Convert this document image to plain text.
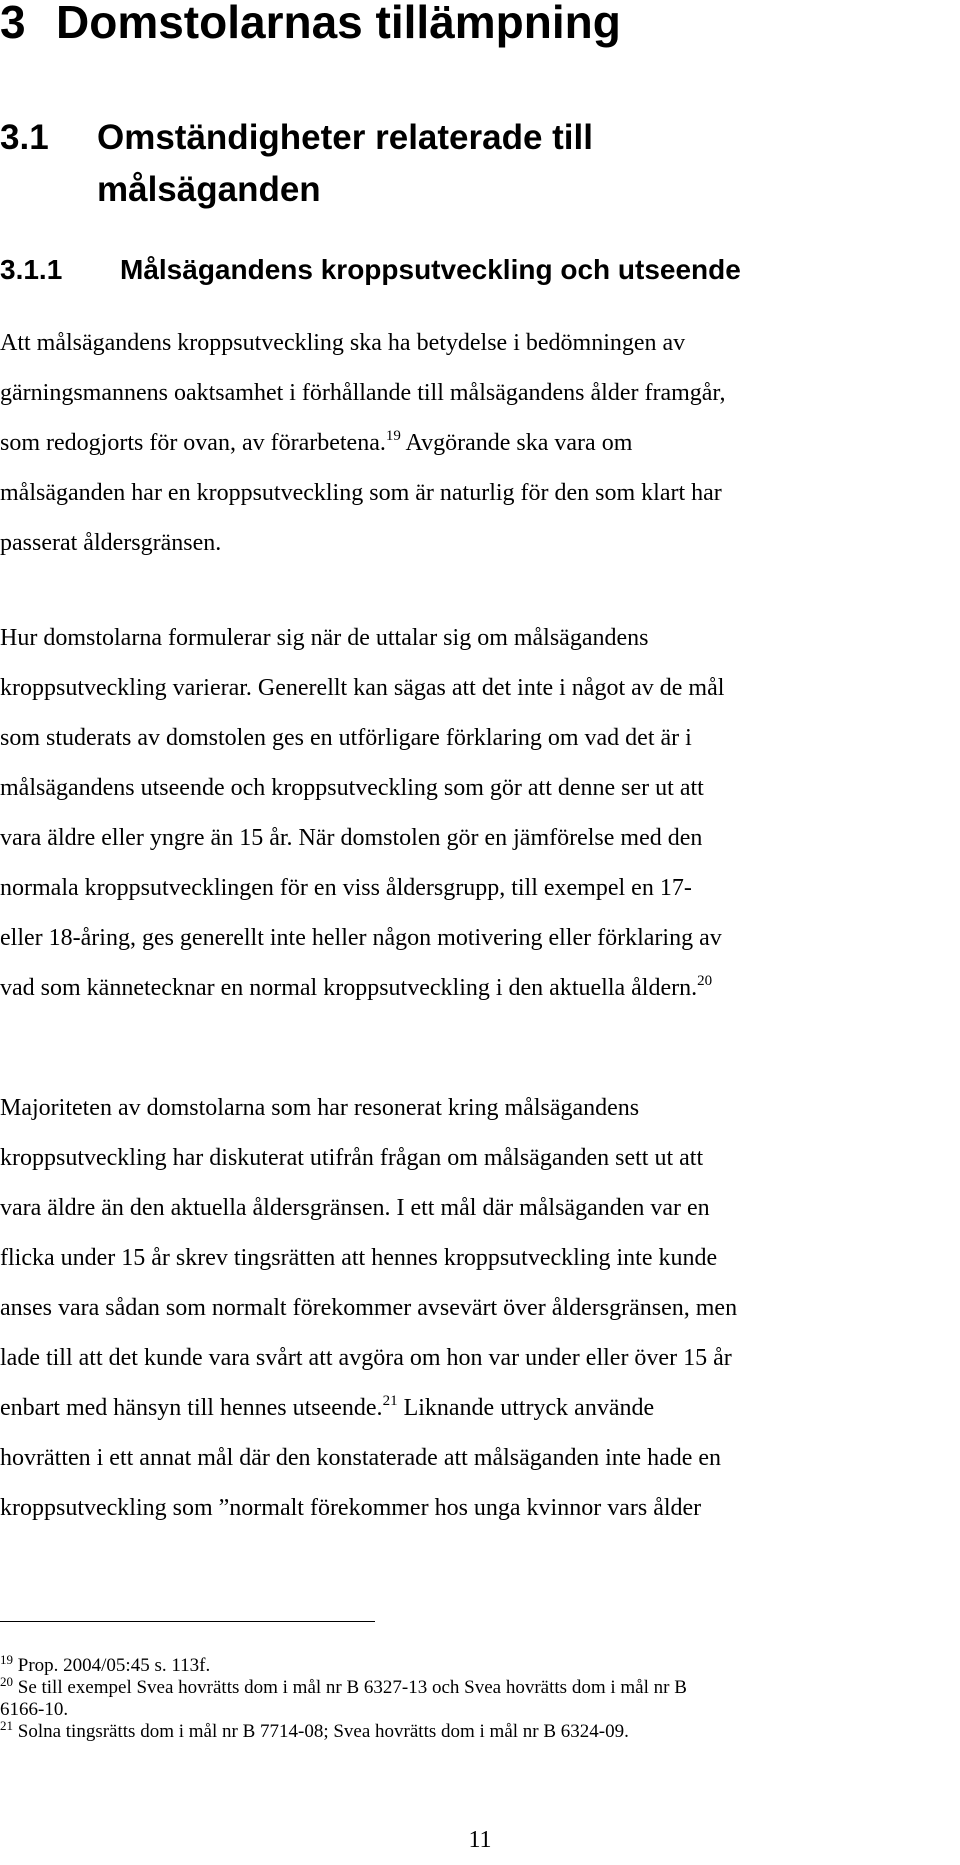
3 Domstolarnas tillämpning
3.1 Omständigheter relaterade till målsäganden
3.1.1 Målsägandens kroppsutveckling och utseende
Att målsägandens kroppsutveckling ska ha betydelse i bedömningen av
gärningsmannens oaktsamhet i förhållande till målsägandens ålder framgår,
som redogjorts för ovan, av förarbetena.$^{19}$ Avgörande ska vara om
målsäganden har en kroppsutveckling som är naturlig för den som klart har
passerat åldersgränsen.
Hur domstolarna formulerar sig när de uttalar sig om målsägandens
kroppsutveckling varierar. Generellt kan sägas att det inte i något av de mål
som studerats av domstolen ges en utförligare förklaring om vad det är i
målsägandens utseende och kroppsutveckling som gör att denne ser ut att
vara äldre eller yngre än 15 år. När domstolen gör en jämförelse med den
normala kroppsutvecklingen för en viss åldersgrupp, till exempel en 17-
eller 18-åring, ges generellt inte heller någon motivering eller förklaring av
vad som kännetecknar en normal kroppsutveckling i den aktuella åldern.$^{20}$
Majoriteten av domstolarna som har resonerat kring målsägandens
kroppsutveckling har diskuterat utifrån frågan om målsäganden sett ut att
vara äldre än den aktuella åldersgränsen. I ett mål där målsäganden var en
flicka under 15 år skrev tingsrätten att hennes kroppsutveckling inte kunde
anses vara sådan som normalt förekommer avsevärt över åldersgränsen, men
lade till att det kunde vara svårt att avgöra om hon var under eller över 15 år
enbart med hänsyn till hennes utseende.$^{21}$ Liknande uttryck använde
hovrätten i ett annat mål där den konstaterade att målsäganden inte hade en
kroppsutveckling som ”normalt förekommer hos unga kvinnor vars ålder
$^{19}$ Prop. 2004/05:45 s. 113f.
$^{20}$ Se till exempel Svea hovrätts dom i mål nr B 6327-13 och Svea hovrätts dom i mål nr B
6166-10.
$^{21}$ Solna tingsrätts dom i mål nr B 7714-08; Svea hovrätts dom i mål nr B 6324-09.
11
